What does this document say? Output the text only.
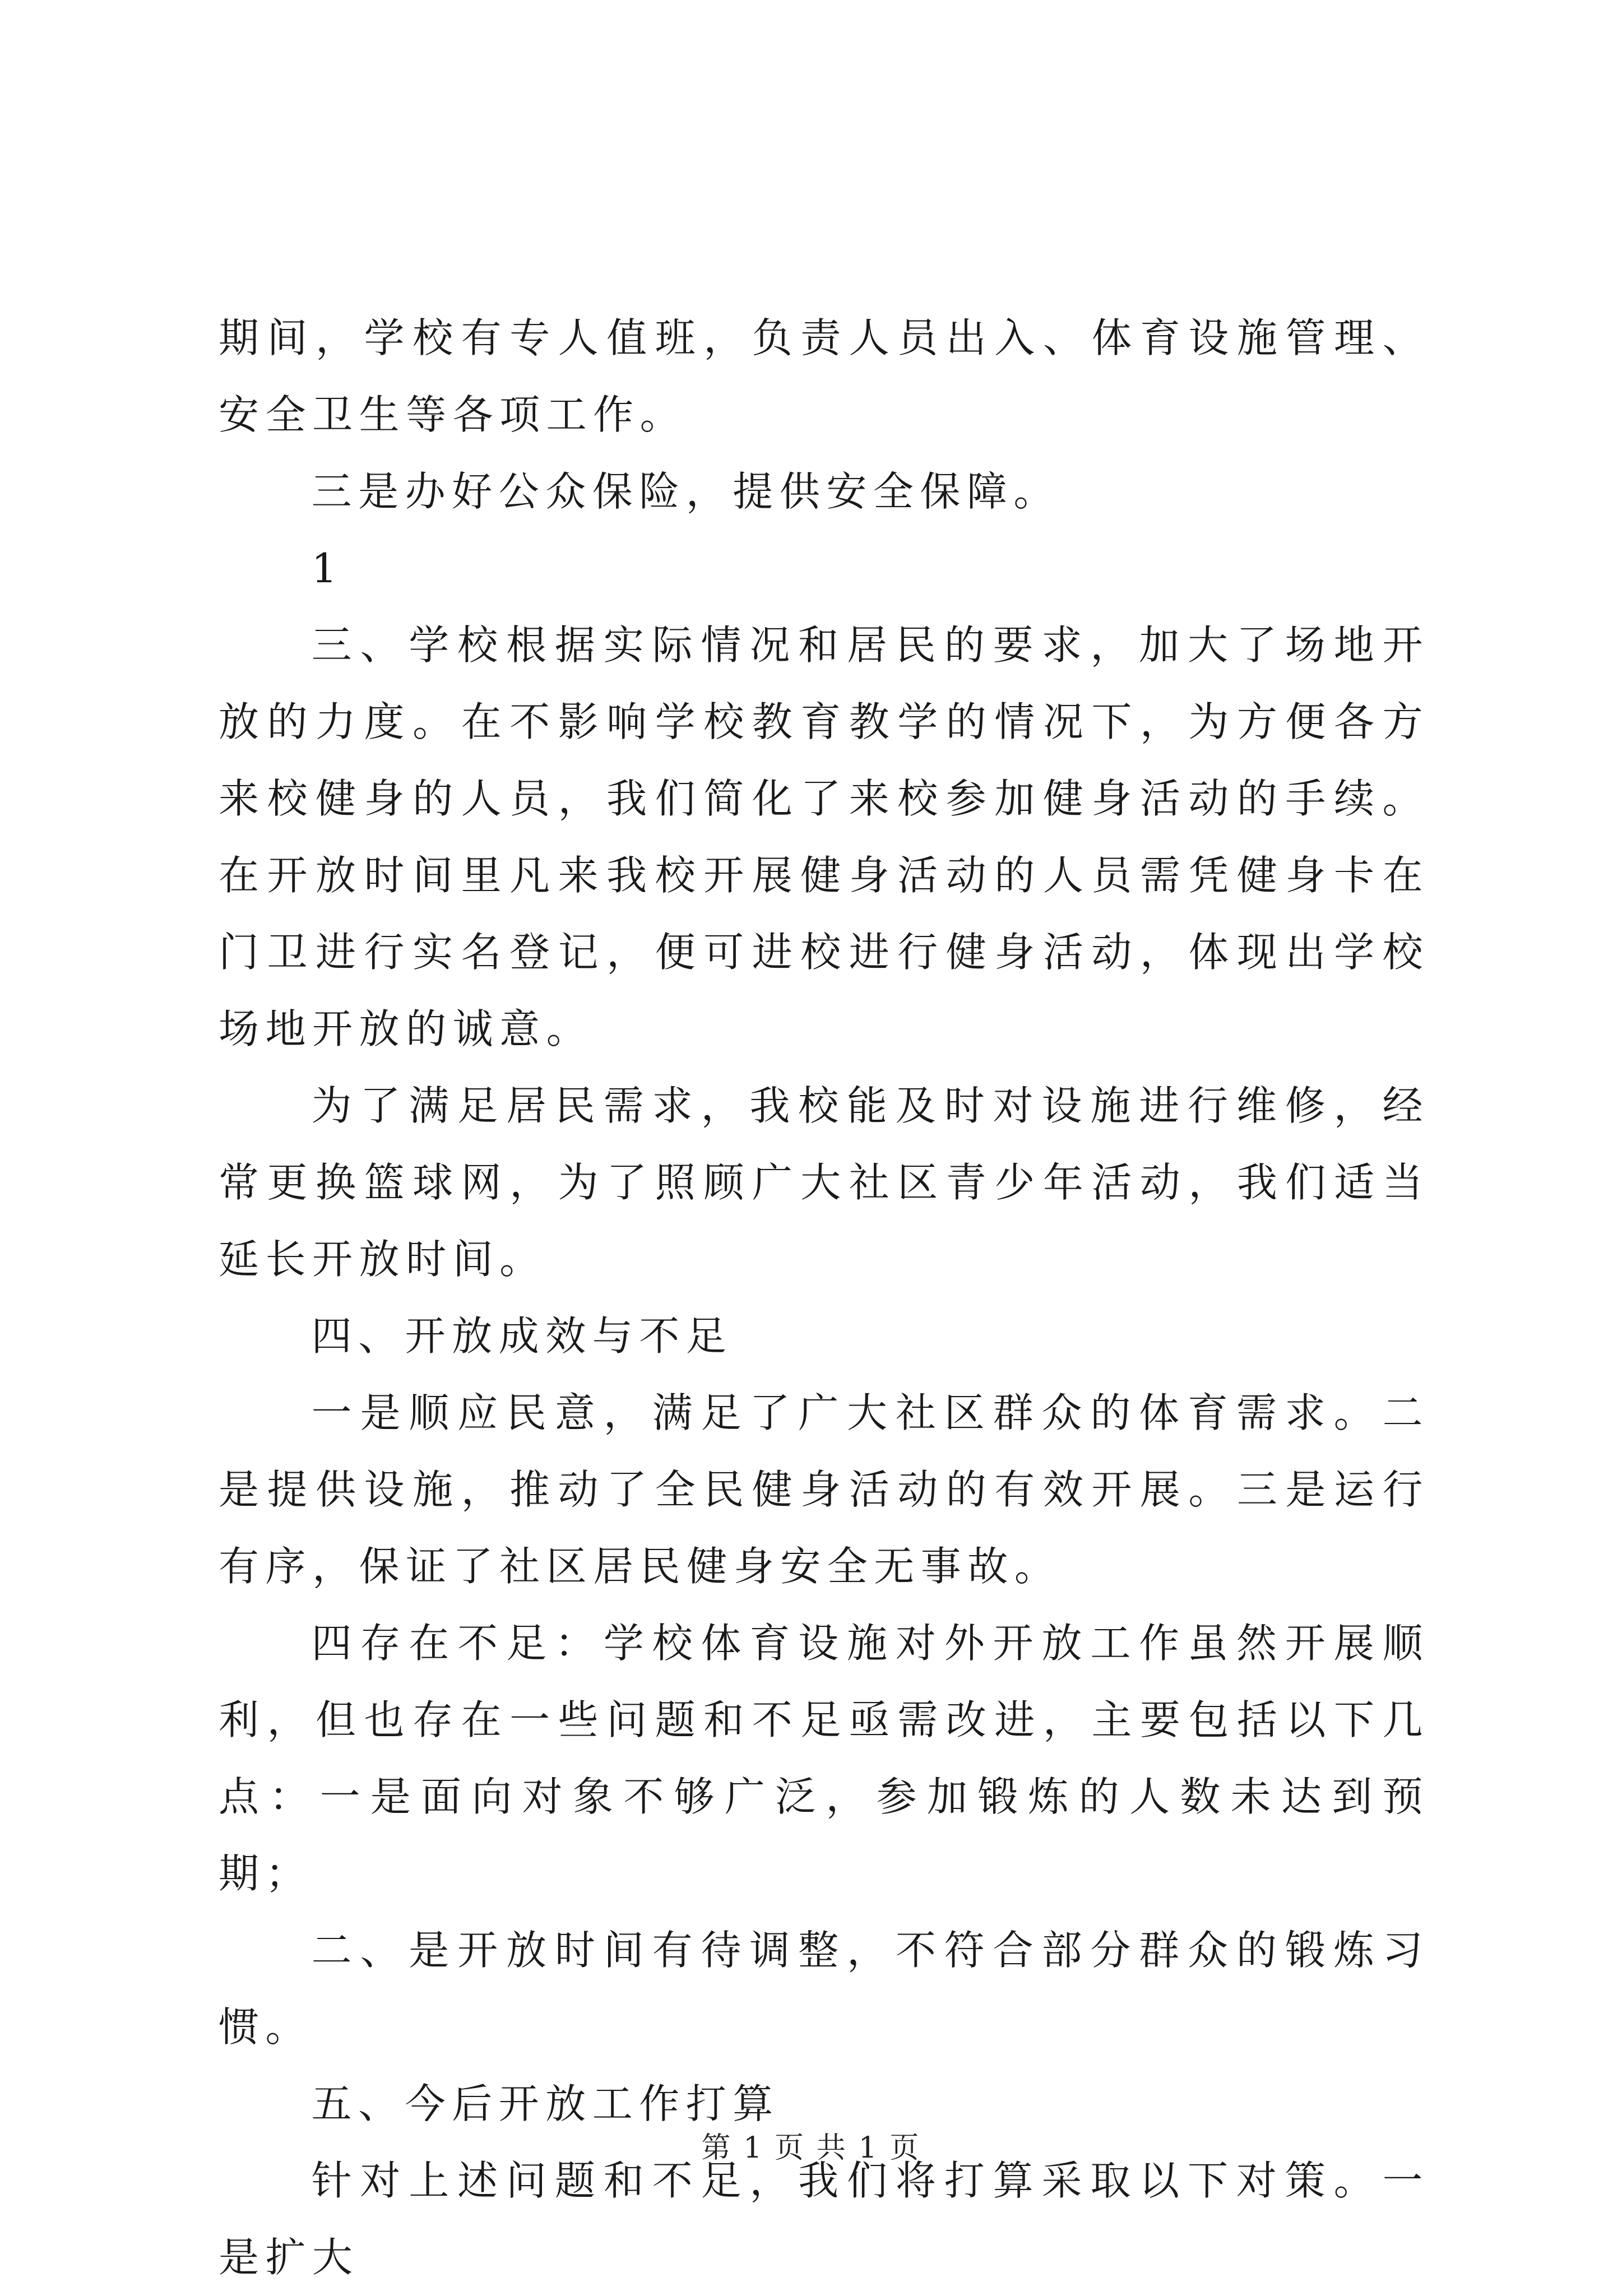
期间，学校有专人值班，负责人员出入、体育设施管理、安全卫生等各项工作。

三是办好公众保险，提供安全保障。

1

三、学校根据实际情况和居民的要求，加大了场地开放的力度。在不影响学校教育教学的情况下，为方便各方来校健身的人员，我们简化了来校参加健身活动的手续。在开放时间里凡来我校开展健身活动的人员需凭健身卡在门卫进行实名登记，便可进校进行健身活动，体现出学校场地开放的诚意。

为了满足居民需求，我校能及时对设施进行维修，经常更换篮球网，为了照顾广大社区青少年活动，我们适当延长开放时间。

四、开放成效与不足

一是顺应民意，满足了广大社区群众的体育需求。二是提供设施，推动了全民健身活动的有效开展。三是运行有序，保证了社区居民健身安全无事故。

四存在不足：学校体育设施对外开放工作虽然开展顺利，但也存在一些问题和不足亟需改进，主要包括以下几点：一是面向对象不够广泛，参加锻炼的人数未达到预期；

二、是开放时间有待调整，不符合部分群众的锻炼习惯。

五、今后开放工作打算

针对上述问题和不足，我们将打算采取以下对策。一是扩大

第 1 页 共 1 页
